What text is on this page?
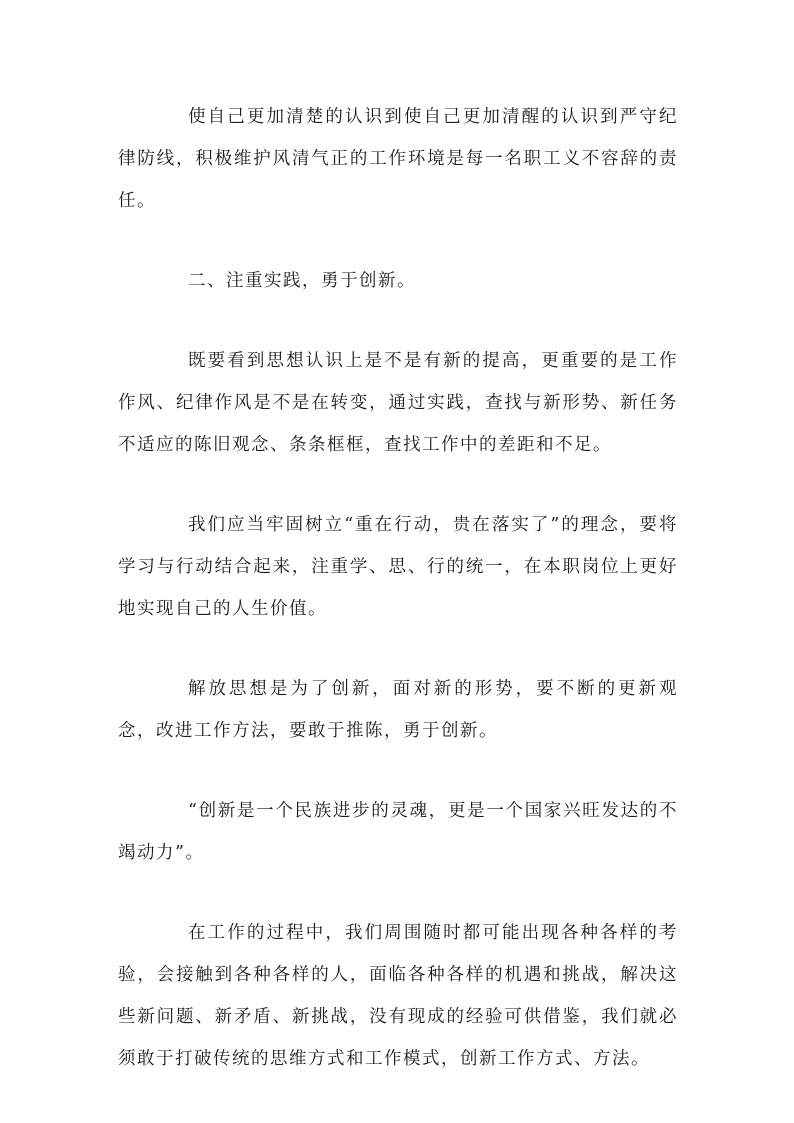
使自己更加清楚的认识到使自己更加清醒的认识到严守纪律防线，积极维护风清气正的工作环境是每一名职工义不容辞的责任。

二、注重实践，勇于创新。

既要看到思想认识上是不是有新的提高，更重要的是工作作风、纪律作风是不是在转变，通过实践，查找与新形势、新任务不适应的陈旧观念、条条框框，查找工作中的差距和不足。

我们应当牢固树立“重在行动，贵在落实了”的理念，要将学习与行动结合起来，注重学、思、行的统一，在本职岗位上更好地实现自己的人生价值。

解放思想是为了创新，面对新的形势，要不断的更新观念，改进工作方法，要敢于推陈，勇于创新。

“创新是一个民族进步的灵魂，更是一个国家兴旺发达的不竭动力”。

在工作的过程中，我们周围随时都可能出现各种各样的考验，会接触到各种各样的人，面临各种各样的机遇和挑战，解决这些新问题、新矛盾、新挑战，没有现成的经验可供借鉴，我们就必须敢于打破传统的思维方式和工作模式，创新工作方式、方法。
